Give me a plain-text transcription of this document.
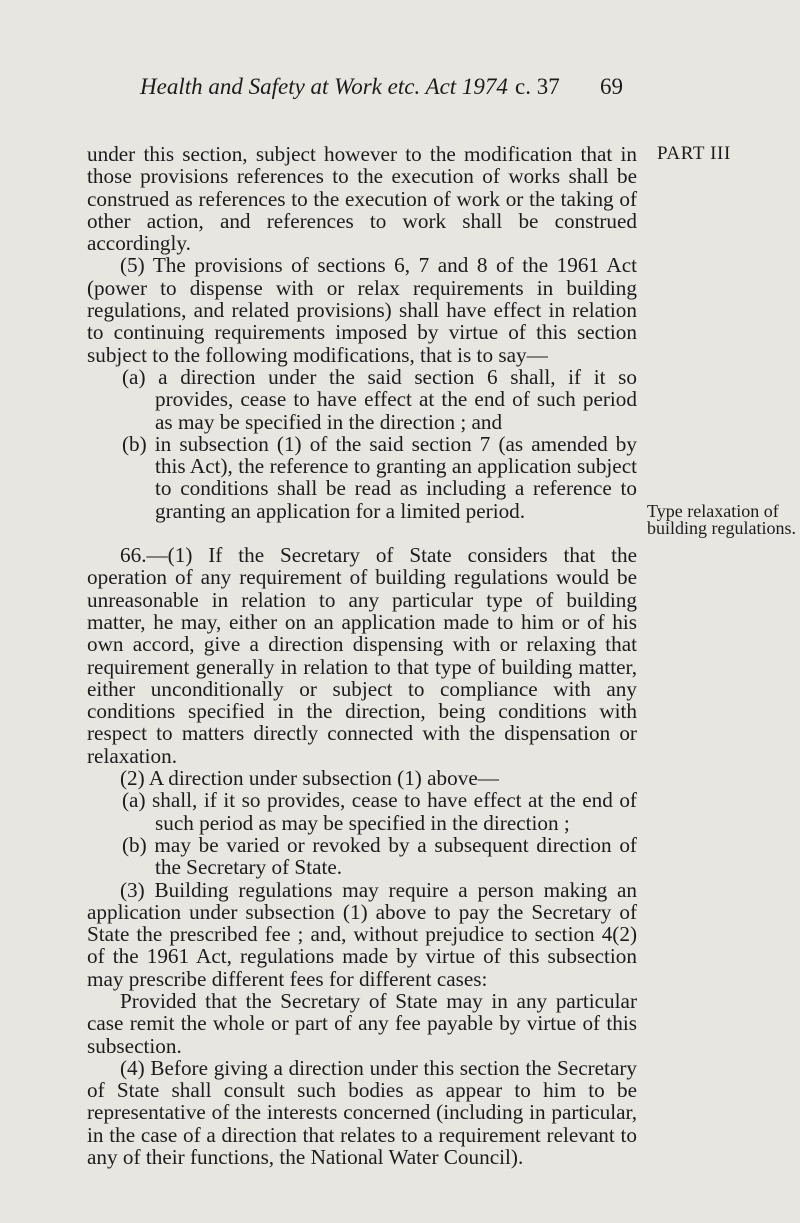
Health and Safety at Work etc. Act 1974 c. 37 69
PART III
Type relaxation of building regulations.

under this section, subject however to the modification that in those provisions references to the execution of works shall be construed as references to the execution of work or the taking of other action, and references to work shall be construed accordingly.

(5) The provisions of sections 6, 7 and 8 of the 1961 Act (power to dispense with or relax requirements in building regulations, and related provisions) shall have effect in relation to continuing requirements imposed by virtue of this section subject to the following modifications, that is to say—

(a) a direction under the said section 6 shall, if it so provides, cease to have effect at the end of such period as may be specified in the direction ; and

(b) in subsection (1) of the said section 7 (as amended by this Act), the reference to granting an application subject to conditions shall be read as including a reference to granting an application for a limited period.

66.—(1) If the Secretary of State considers that the operation of any requirement of building regulations would be unreasonable in relation to any particular type of building matter, he may, either on an application made to him or of his own accord, give a direction dispensing with or relaxing that requirement generally in relation to that type of building matter, either unconditionally or subject to compliance with any conditions specified in the direction, being conditions with respect to matters directly connected with the dispensation or relaxation.

(2) A direction under subsection (1) above—

(a) shall, if it so provides, cease to have effect at the end of such period as may be specified in the direction ;

(b) may be varied or revoked by a subsequent direction of the Secretary of State.

(3) Building regulations may require a person making an application under subsection (1) above to pay the Secretary of State the prescribed fee ; and, without prejudice to section 4(2) of the 1961 Act, regulations made by virtue of this subsection may prescribe different fees for different cases:

Provided that the Secretary of State may in any particular case remit the whole or part of any fee payable by virtue of this subsection.

(4) Before giving a direction under this section the Secretary of State shall consult such bodies as appear to him to be representative of the interests concerned (including in particular, in the case of a direction that relates to a requirement relevant to any of their functions, the National Water Council).
